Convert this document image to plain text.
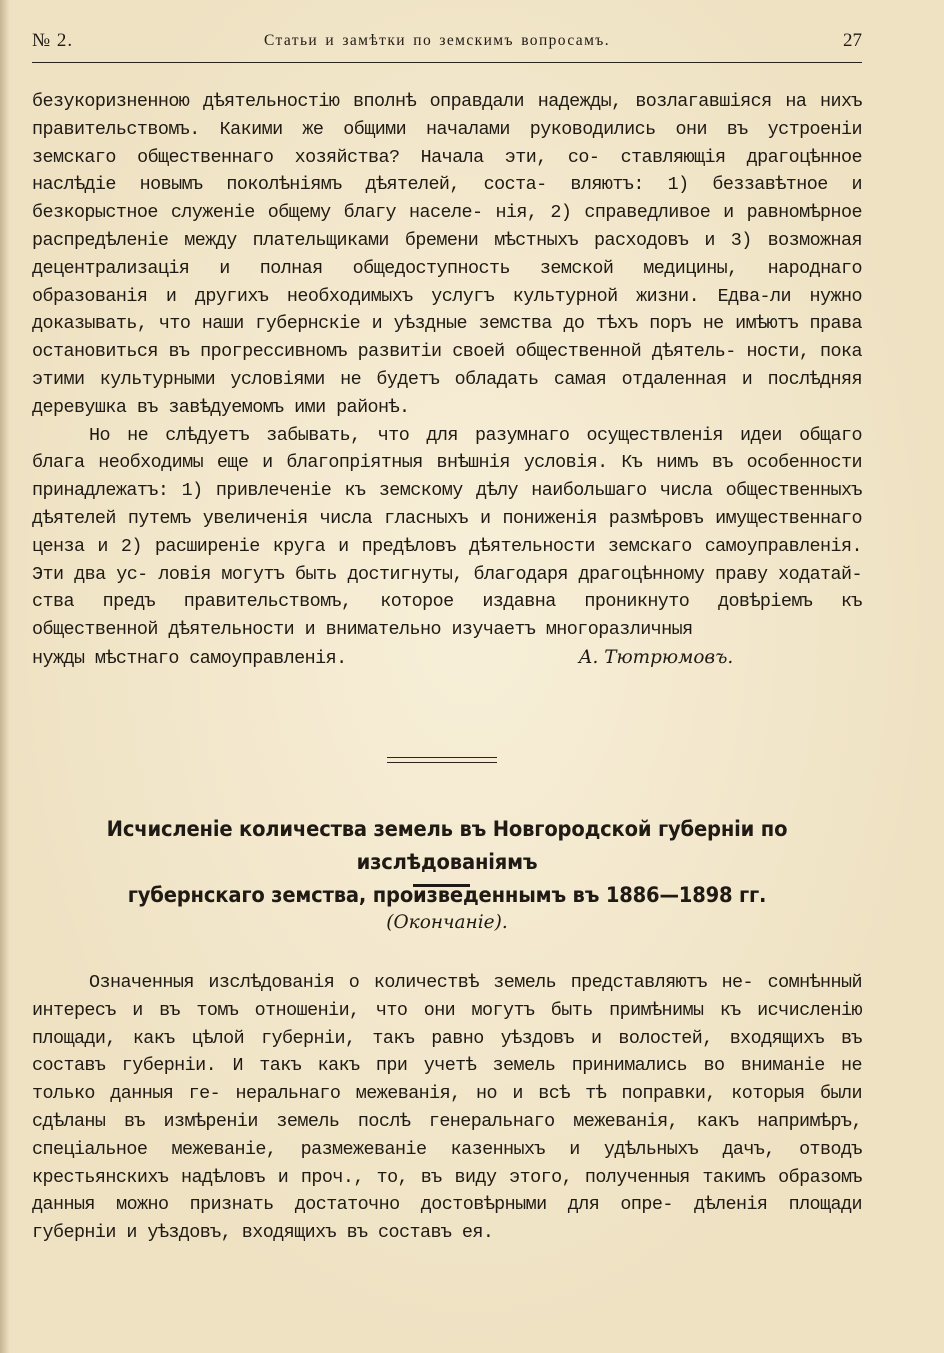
№ 2.	Статьи и замѣтки по земскимъ вопросамъ.	27

безукоризненною дѣятельностію вполнѣ оправдали надежды, возлагавшіяся на нихъ правительствомъ. Какими же общими началами руководились они въ устроеніи земскаго общественнаго хозяйства? Начала эти, со- ставляющія драгоцѣнное наслѣдіе новымъ поколѣніямъ дѣятелей, соста- вляютъ: 1) беззавѣтное и безкорыстное служеніе общему благу населе- нія, 2) справедливое и равномѣрное распредѣленіе между плательщиками бремени мѣстныхъ расходовъ и 3) возможная децентрализація и полная общедоступность земской медицины, народнаго образованія и другихъ необходимыхъ услугъ культурной жизни. Едва-ли нужно доказывать, что наши губернскіе и уѣздные земства до тѣхъ поръ не имѣютъ права остановиться въ прогрессивномъ развитіи своей общественной дѣятель- ности, пока этими культурными условіями не будетъ обладать самая отдаленная и послѣдняя деревушка въ завѣдуемомъ ими районѣ.

Но не слѣдуетъ забывать, что для разумнаго осуществленія идеи общаго блага необходимы еще и благопріятныя внѣшнія условія. Къ нимъ въ особенности принадлежатъ: 1) привлеченіе къ земскому дѣлу наибольшаго числа общественныхъ дѣятелей путемъ увеличенія числа гласныхъ и пониженія размѣровъ имущественнаго ценза и 2) расширеніе круга и предѣловъ дѣятельности земскаго самоуправленія. Эти два ус- ловія могутъ быть достигнуты, благодаря драгоцѣнному праву ходатай- ства предъ правительствомъ, которое издавна проникнуто довѣріемъ къ общественной дѣятельности и внимательно изучаетъ многоразличныя

нужды мѣстнаго самоуправленія.	А. Тютрюмовъ.

Исчисленіе количества земель въ Новгородской губерніи по изслѣдованіямъ
губернскаго земства, произведеннымъ въ 1886—1898 гг.
(Окончаніе).

Означенныя изслѣдованія о количествѣ земель представляютъ не- сомнѣнный интересъ и въ томъ отношеніи, что они могутъ быть примѣнимы къ исчисленію площади, какъ цѣлой губерніи, такъ равно уѣздовъ и волостей, входящихъ въ составъ губерніи. И такъ какъ при учетѣ земель принимались во вниманіе не только данныя ге- неральнаго межеванія, но и всѣ тѣ поправки, которыя были сдѣланы въ измѣреніи земель послѣ генеральнаго межеванія, какъ напримѣръ, спеціальное межеваніе, размежеваніе казенныхъ и удѣльныхъ дачъ, отводъ крестьянскихъ надѣловъ и проч., то, въ виду этого, полученныя такимъ образомъ данныя можно признать достаточно достовѣрными для опре- дѣленія площади губерніи и уѣздовъ, входящихъ въ составъ ея.
